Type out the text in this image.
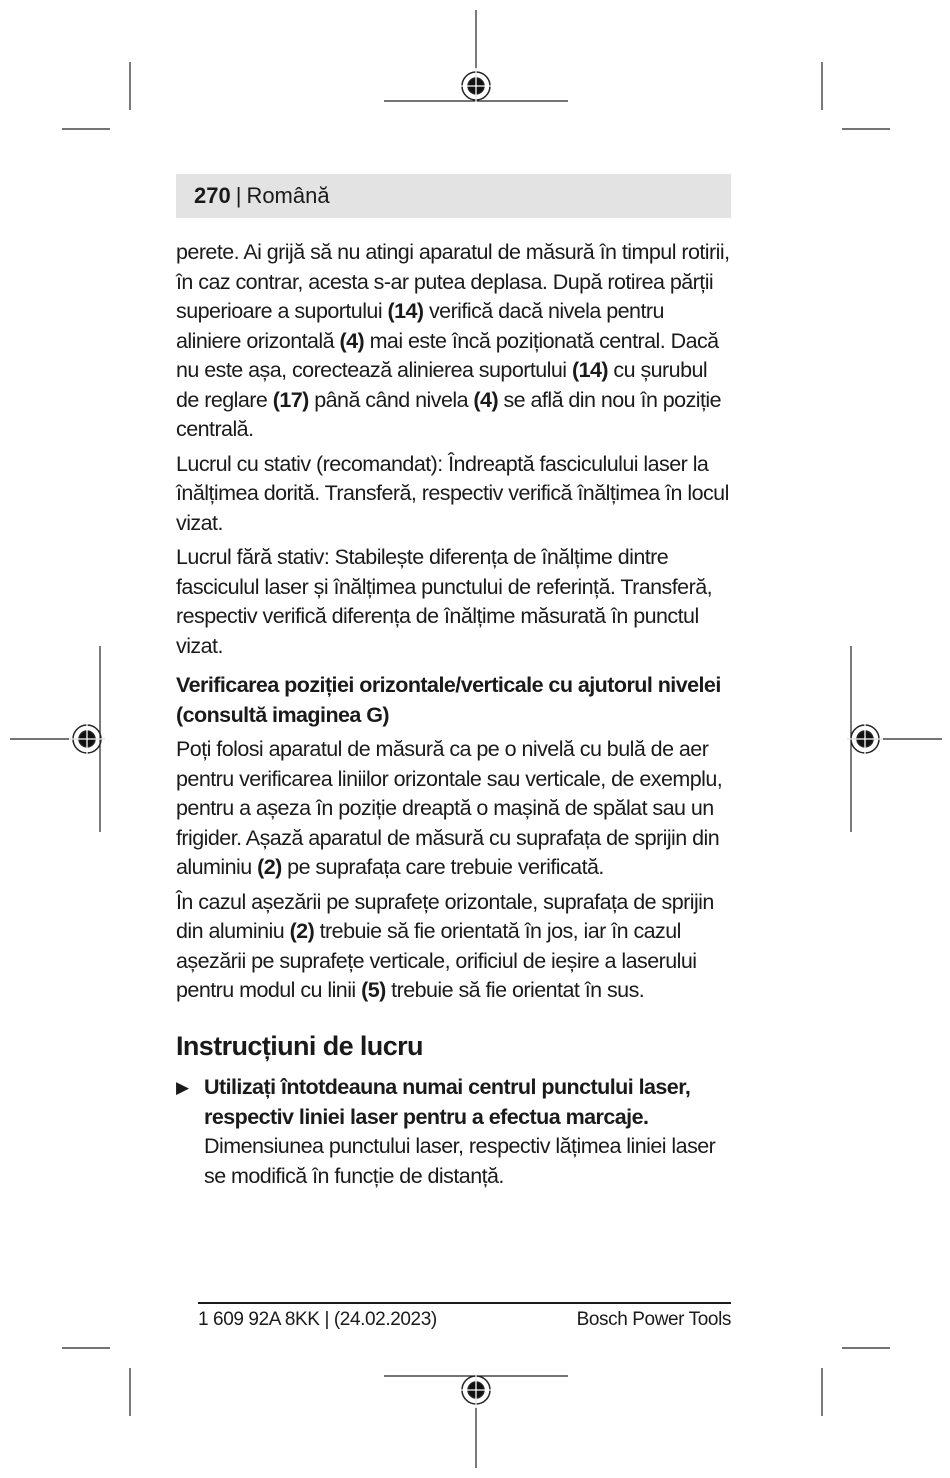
270 | Română

perete. Ai grijă să nu atingi aparatul de măsură în timpul rotirii, în caz contrar, acesta s-ar putea deplasa. După rotirea părții superioare a suportului (14) verifică dacă nivela pentru aliniere orizontală (4) mai este încă poziționată central. Dacă nu este așa, corectează alinierea suportului (14) cu șurubul de reglare (17) până când nivela (4) se află din nou în poziție centrală.

Lucrul cu stativ (recomandat): Îndreaptă fasciculului laser la înălțimea dorită. Transferă, respectiv verifică înălțimea în locul vizat.

Lucrul fără stativ: Stabilește diferența de înălțime dintre fasciculul laser și înălțimea punctului de referință. Transferă, respectiv verifică diferența de înălțime măsurată în punctul vizat.

Verificarea poziției orizontale/verticale cu ajutorul nivelei (consultă imaginea G)

Poți folosi aparatul de măsură ca pe o nivelă cu bulă de aer pentru verificarea liniilor orizontale sau verticale, de exemplu, pentru a așeza în poziție dreaptă o mașină de spălat sau un frigider. Așază aparatul de măsură cu suprafața de sprijin din aluminiu (2) pe suprafața care trebuie verificată.

În cazul așezării pe suprafețe orizontale, suprafața de sprijin din aluminiu (2) trebuie să fie orientată în jos, iar în cazul așezării pe suprafețe verticale, orificiul de ieșire a laserului pentru modul cu linii (5) trebuie să fie orientat în sus.

Instrucțiuni de lucru
▶ Utilizați întotdeauna numai centrul punctului laser, respectiv liniei laser pentru a efectua marcaje.
Dimensiunea punctului laser, respectiv lățimea liniei laser se modifică în funcție de distanță.
1 609 92A 8KK | (24.02.2023)	Bosch Power Tools
